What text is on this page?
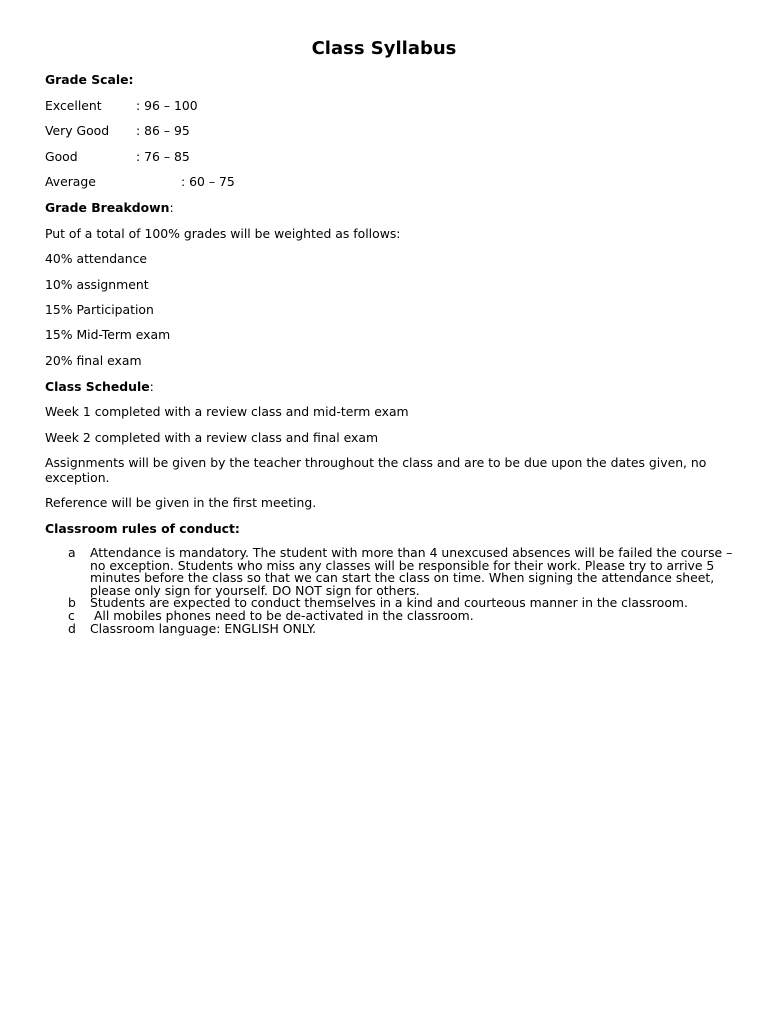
Class Syllabus
Grade Scale:
Excellent	: 96 – 100
Very Good : 86 – 95
Good	: 76 – 85
Average	: 60 – 75
Grade Breakdown:
Put of a total of 100% grades will be weighted as follows:
40% attendance
10% assignment
15% Participation
15% Mid-Term exam
20% final exam
Class Schedule:
Week 1 completed with a review class and mid-term exam
Week 2 completed with a review class and final exam
Assignments will be given by the teacher throughout the class and are to be due upon the dates given, no exception.
Reference will be given in the first meeting.
Classroom rules of conduct:
a Attendance is mandatory. The student with more than 4 unexcused absences will be failed the course – no exception. Students who miss any classes will be responsible for their work. Please try to arrive 5 minutes before the class so that we can start the class on time. When signing the attendance sheet, please only sign for yourself. DO NOT sign for others.
b Students are expected to conduct themselves in a kind and courteous manner in the classroom.
c All mobiles phones need to be de-activated in the classroom.
d Classroom language: ENGLISH ONLY.
